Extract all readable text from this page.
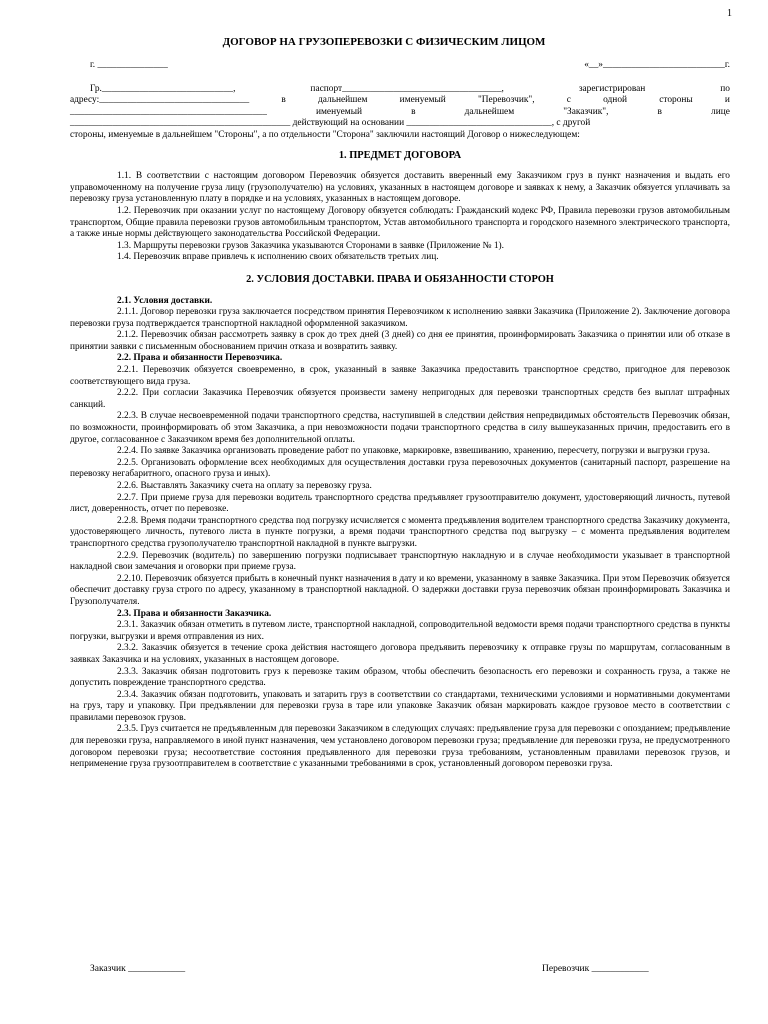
1
ДОГОВОР НА ГРУЗОПЕРЕВОЗКИ С ФИЗИЧЕСКИМ ЛИЦОМ
г. _______________	«__»__________________________г.
Гр.____________________________,	паспорт__________________________________,	зарегистрирован	по
адресу:________________________________	в	дальнейшем	именуемый	"Перевозчик",	с	одной	стороны	и
__________________________________________	именуемый	в	дальнейшем	"Заказчик",	в	лице
_______________________________________________ действующий на основании _______________________________, с другой
стороны, именуемые в дальнейшем "Стороны", а по отдельности "Сторона" заключили настоящий Договор о нижеследующем:

1. ПРЕДМЕТ ДОГОВОРА

1.1. В соответствии с настоящим договором Перевозчик обязуется доставить вверенный ему Заказчиком груз в пункт назначения и выдать его управомоченному на получение груза лицу (грузополучателю) на условиях, указанных в настоящем договоре и заявках к нему, а Заказчик обязуется уплачивать за перевозку груза установленную плату в порядке и на условиях, указанных в настоящем договоре.

1.2. Перевозчик при оказании услуг по настоящему Договору обязуется соблюдать: Гражданский кодекс РФ, Правила перевозки грузов автомобильным транспортом, Общие правила перевозки грузов автомобильным транспортом, Устав автомобильного транспорта и городского наземного электрического транспорта, а также иные нормы действующего законодательства Российской Федерации.

1.3. Маршруты перевозки грузов Заказчика указываются Сторонами в заявке (Приложение № 1).

1.4. Перевозчик вправе привлечь к исполнению своих обязательств третьих лиц.

2. УСЛОВИЯ ДОСТАВКИ. ПРАВА И ОБЯЗАННОСТИ СТОРОН

2.1. Условия доставки.

2.1.1. Договор перевозки груза заключается посредством принятия Перевозчиком к исполнению заявки Заказчика (Приложение 2). Заключение договора перевозки груза подтверждается транспортной накладной оформленной заказчиком.

2.1.2. Перевозчик обязан рассмотреть заявку в срок до трех дней (3 дней) со дня ее принятия, проинформировать Заказчика о принятии или об отказе в принятии заявки с письменным обоснованием причин отказа и возвратить заявку.

2.2. Права и обязанности Перевозчика.

2.2.1. Перевозчик обязуется своевременно, в срок, указанный в заявке Заказчика предоставить транспортное средство, пригодное для перевозок соответствующего вида груза.

2.2.2. При согласии Заказчика Перевозчик обязуется произвести замену непригодных для перевозки транспортных средств без выплат штрафных санкций.

2.2.3. В случае несвоевременной подачи транспортного средства, наступившей в следствии действия непредвидимых обстоятельств Перевозчик обязан, по возможности, проинформировать об этом Заказчика, а при невозможности подачи транспортного средства в силу вышеуказанных причин, предоставить его в другое, согласованное с Заказчиком время без дополнительной оплаты.

2.2.4. По заявке Заказчика организовать проведение работ по упаковке, маркировке, взвешиванию, хранению, пересчету, погрузки и выгрузки груза.

2.2.5. Организовать оформление всех необходимых для осуществления доставки груза перевозочных документов (санитарный паспорт, разрешение на перевозку негабаритного, опасного груза и иных).

2.2.6. Выставлять Заказчику счета на оплату за перевозку груза.

2.2.7. При приеме груза для перевозки водитель транспортного средства предъявляет грузоотправителю документ, удостоверяющий личность, путевой лист, доверенность, отчет по перевозке.

2.2.8. Время подачи транспортного средства под погрузку исчисляется с момента предъявления водителем транспортного средства Заказчику документа, удостоверяющего личность, путевого листа в пункте погрузки, а время подачи транспортного средства под выгрузку – с момента предъявления водителем транспортного средства грузополучателю транспортной накладной в пункте выгрузки.

2.2.9. Перевозчик (водитель) по завершению погрузки подписывает транспортную накладную и в случае необходимости указывает в транспортной накладной свои замечания и оговорки при приеме груза.

2.2.10. Перевозчик обязуется прибыть в конечный пункт назначения в дату и ко времени, указанному в заявке Заказчика. При этом Перевозчик обязуется обеспечит доставку груза строго по адресу, указанному в транспортной накладной. О задержки доставки груза перевозчик обязан проинформировать Заказчика и Грузополучателя.

2.3. Права и обязанности Заказчика.

2.3.1. Заказчик обязан отметить в путевом листе, транспортной накладной, сопроводительной ведомости время подачи транспортного средства в пункты погрузки, выгрузки и время отправления из них.

2.3.2. Заказчик обязуется в течение срока действия настоящего договора предъявить перевозчику к отправке грузы по маршрутам, согласованным в заявках Заказчика и на условиях, указанных в настоящем договоре.

2.3.3. Заказчик обязан подготовить груз к перевозке таким образом, чтобы обеспечить безопасность его перевозки и сохранность груза, а также не допустить повреждение транспортного средства.

2.3.4. Заказчик обязан подготовить, упаковать и затарить груз в соответствии со стандартами, техническими условиями и нормативными документами на груз, тару и упаковку. При предъявлении для перевозки груза в таре или упаковке Заказчик обязан маркировать каждое грузовое место в соответствии с правилами перевозок грузов.

2.3.5. Груз считается не предъявленным для перевозки Заказчиком в следующих случаях: предъявление груза для перевозки с опозданием; предъявление для перевозки груза, направляемого в иной пункт назначения, чем установлено договором перевозки груза; предъявление для перевозки груза, не предусмотренного договором перевозки груза; несоответствие состояния предъявленного для перевозки груза требованиям, установленным правилами перевозок грузов, и неприменение груза грузоотправителем в соответствие с указанными требованиями в срок, установленный договором перевозки груза.

Заказчик ____________	Перевозчик ____________
